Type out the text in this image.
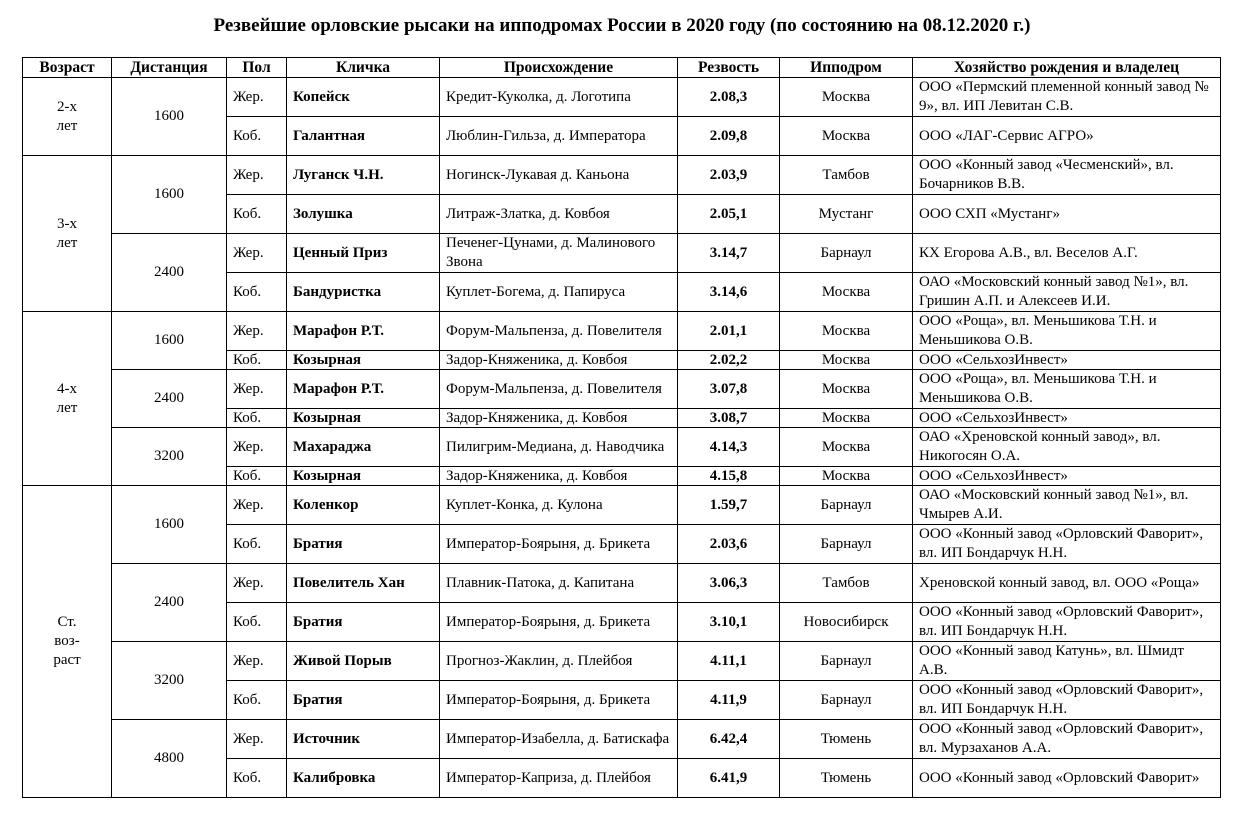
Резвейшие орловские рысаки на ипподромах России в 2020 году (по состоянию на 08.12.2020 г.)
Возраст	Дистанция	Пол	Кличка	Происхождение	Резвость	Ипподром	Хозяйство рождения и владелец
2-х лет	1600	Жер.	Копейск	Кредит-Куколка, д. Логотипа	2.08,3	Москва	ООО «Пермский племенной конный завод № 9», вл. ИП Левитан С.В.
		Коб.	Галантная	Люблин-Гильза, д. Императора	2.09,8	Москва	ООО «ЛАГ-Сервис АГРО»
3-х лет	1600	Жер.	Луганск Ч.Н.	Ногинск-Лукавая д. Каньона	2.03,9	Тамбов	ООО «Конный завод «Чесменский», вл. Бочарников В.В.
		Коб.	Золушка	Литраж-Златка, д. Ковбоя	2.05,1	Мустанг	ООО СХП «Мустанг»
	2400	Жер.	Ценный Приз	Печенег-Цунами, д. Малинового Звона	3.14,7	Барнаул	КХ Егорова А.В., вл. Веселов А.Г.
		Коб.	Бандуристка	Куплет-Богема, д. Папируса	3.14,6	Москва	ОАО «Московский конный завод №1», вл. Гришин А.П. и Алексеев И.И.
4-х лет	1600	Жер.	Марафон Р.Т.	Форум-Мальпенза, д. Повелителя	2.01,1	Москва	ООО «Роща», вл. Меньшикова Т.Н. и Меньшикова О.В.
		Коб.	Козырная	Задор-Княженика, д. Ковбоя	2.02,2	Москва	ООО «СельхозИнвест»
	2400	Жер.	Марафон Р.Т.	Форум-Мальпенза, д. Повелителя	3.07,8	Москва	ООО «Роща», вл. Меньшикова Т.Н. и Меньшикова О.В.
		Коб.	Козырная	Задор-Княженика, д. Ковбоя	3.08,7	Москва	ООО «СельхозИнвест»
	3200	Жер.	Махараджа	Пилигрим-Медиана, д. Наводчика	4.14,3	Москва	ОАО «Хреновской конный завод», вл. Никогосян О.А.
		Коб.	Козырная	Задор-Княженика, д. Ковбоя	4.15,8	Москва	ООО «СельхозИнвест»
Ст. воз- раст	1600	Жер.	Коленкор	Куплет-Конка, д. Кулона	1.59,7	Барнаул	ОАО «Московский конный завод №1», вл. Чмырев А.И.
		Коб.	Братия	Император-Боярыня, д. Брикета	2.03,6	Барнаул	ООО «Конный завод «Орловский Фаворит», вл. ИП Бондарчук Н.Н.
	2400	Жер.	Повелитель Хан	Плавник-Патока, д. Капитана	3.06,3	Тамбов	Хреновской конный завод, вл. ООО «Роща»
		Коб.	Братия	Император-Боярыня, д. Брикета	3.10,1	Новосибирск	ООО «Конный завод «Орловский Фаворит», вл. ИП Бондарчук Н.Н.
	3200	Жер.	Живой Порыв	Прогноз-Жаклин, д. Плейбоя	4.11,1	Барнаул	ООО «Конный завод Катунь», вл. Шмидт А.В.
		Коб.	Братия	Император-Боярыня, д. Брикета	4.11,9	Барнаул	ООО «Конный завод «Орловский Фаворит», вл. ИП Бондарчук Н.Н.
	4800	Жер.	Источник	Император-Изабелла, д. Батискафа	6.42,4	Тюмень	ООО «Конный завод «Орловский Фаворит», вл. Мурзаханов А.А.
		Коб.	Калибровка	Император-Каприза, д. Плейбоя	6.41,9	Тюмень	ООО «Конный завод «Орловский Фаворит»
